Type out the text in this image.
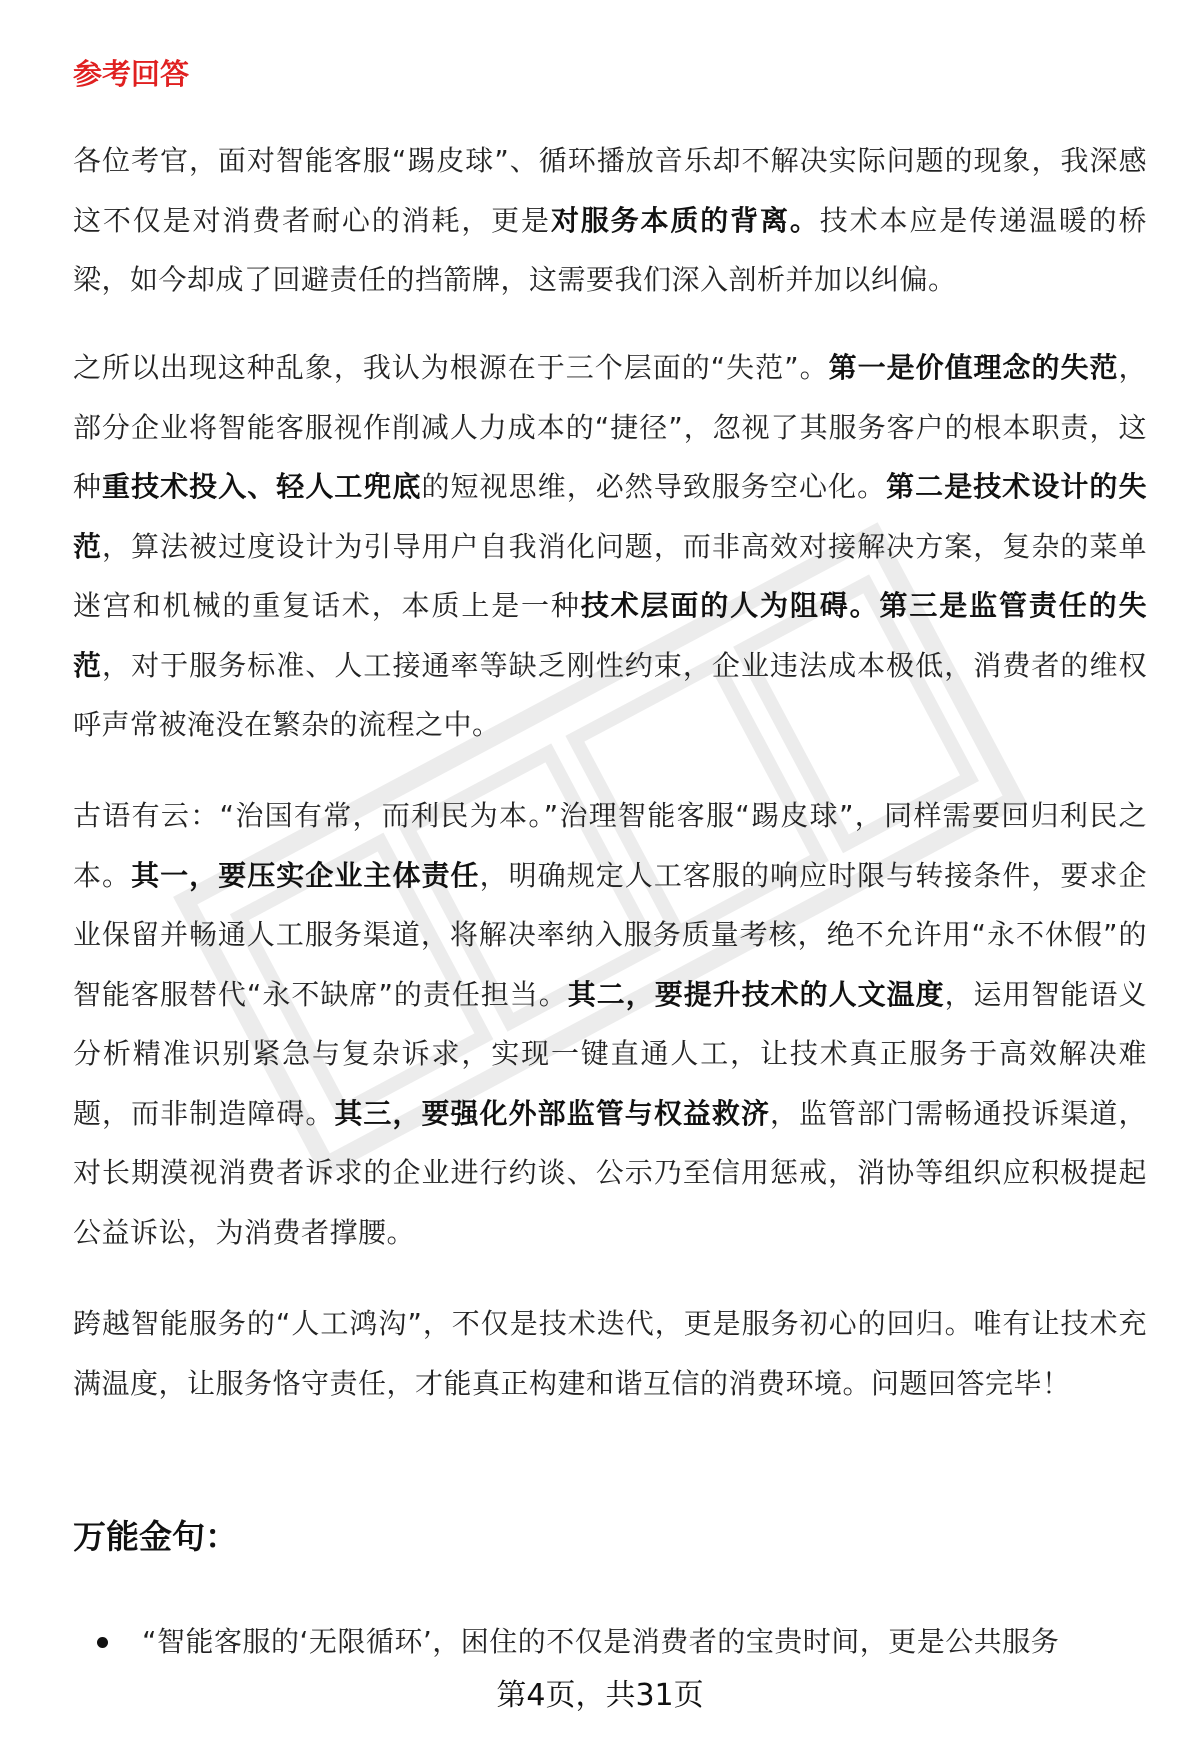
参考回答

各位考官，面对智能客服“踢皮球”、循环播放音乐却不解决实际问题的现象，我深感这不仅是对消费者耐心的消耗，更是对服务本质的背离。技术本应是传递温暖的桥梁，如今却成了回避责任的挡箭牌，这需要我们深入剖析并加以纠偏。

之所以出现这种乱象，我认为根源在于三个层面的“失范”。第一是价值理念的失范，部分企业将智能客服视作削减人力成本的“捷径”，忽视了其服务客户的根本职责，这种重技术投入、轻人工兜底的短视思维，必然导致服务空心化。第二是技术设计的失范，算法被过度设计为引导用户自我消化问题，而非高效对接解决方案，复杂的菜单迷宫和机械的重复话术，本质上是一种技术层面的人为阻碍。第三是监管责任的失范，对于服务标准、人工接通率等缺乏刚性约束，企业违法成本极低，消费者的维权呼声常被淹没在繁杂的流程之中。

古语有云：“治国有常，而利民为本。”治理智能客服“踢皮球”，同样需要回归利民之本。其一，要压实企业主体责任，明确规定人工客服的响应时限与转接条件，要求企业保留并畅通人工服务渠道，将解决率纳入服务质量考核，绝不允许用“永不休假”的智能客服替代“永不缺席”的责任担当。其二，要提升技术的人文温度，运用智能语义分析精准识别紧急与复杂诉求，实现一键直通人工，让技术真正服务于高效解决难题，而非制造障碍。其三，要强化外部监管与权益救济，监管部门需畅通投诉渠道，对长期漠视消费者诉求的企业进行约谈、公示乃至信用惩戒，消协等组织应积极提起公益诉讼，为消费者撑腰。

跨越智能服务的“人工鸿沟”，不仅是技术迭代，更是服务初心的回归。唯有让技术充满温度，让服务恪守责任，才能真正构建和谐互信的消费环境。问题回答完毕！

万能金句：
“智能客服的‘无限循环’，困住的不仅是消费者的宝贵时间，更是公共服务
第4页，共31页
